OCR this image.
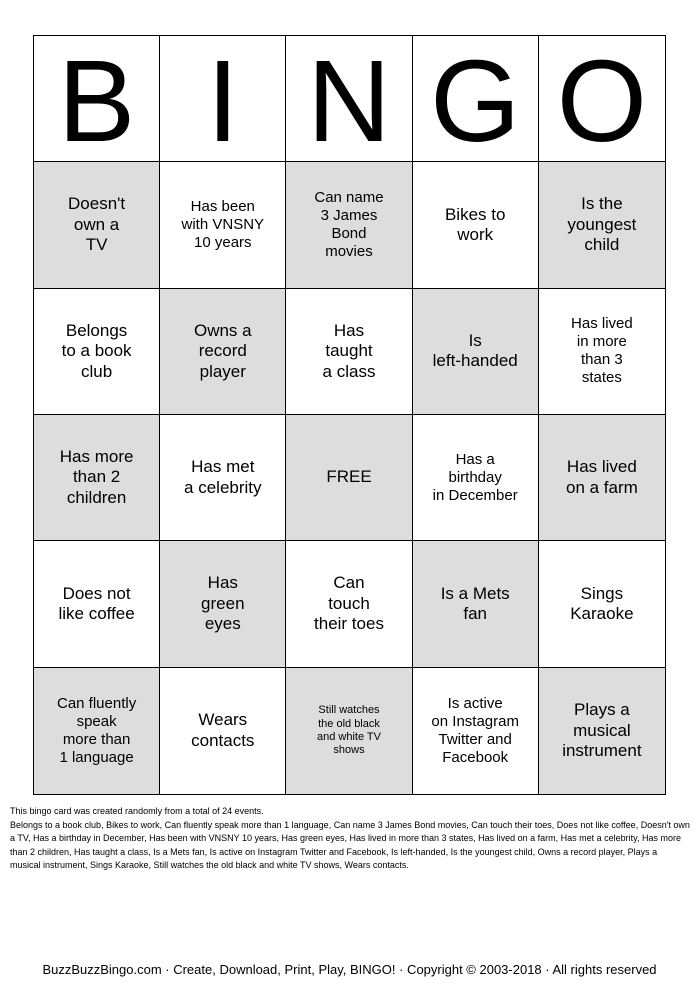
B I N G O
Doesn't
own a
TV
Has been
with VNSNY
10 years
Can name
3 James
Bond
movies
Bikes to
work
Is the
youngest
child
Belongs
to a book
club
Owns a
record
player
Has
taught
a class
Is
left-handed
Has lived
in more
than 3
states
Has more
than 2
children
Has met
a celebrity
FREE
Has a
birthday
in December
Has lived
on a farm
Does not
like coffee
Has
green
eyes
Can
touch
their toes
Is a Mets
fan
Sings
Karaoke
Can fluently
speak
more than
1 language
Wears
contacts
Still watches
the old black
and white TV
shows
Is active
on Instagram
Twitter and
Facebook
Plays a
musical
instrument
This bingo card was created randomly from a total of 24 events.
Belongs to a book club, Bikes to work, Can fluently speak more than 1 language, Can name 3 James Bond movies, Can touch their toes, Does not like coffee, Doesn't own a TV, Has a birthday in December, Has been with VNSNY 10 years, Has green eyes, Has lived in more than 3 states, Has lived on a farm, Has met a celebrity, Has more than 2 children, Has taught a class, Is a Mets fan, Is active on Instagram Twitter and Facebook, Is left-handed, Is the youngest child, Owns a record player, Plays a musical instrument, Sings Karaoke, Still watches the old black and white TV shows, Wears contacts.
BuzzBuzzBingo.com · Create, Download, Print, Play, BINGO! · Copyright © 2003-2018 · All rights reserved
